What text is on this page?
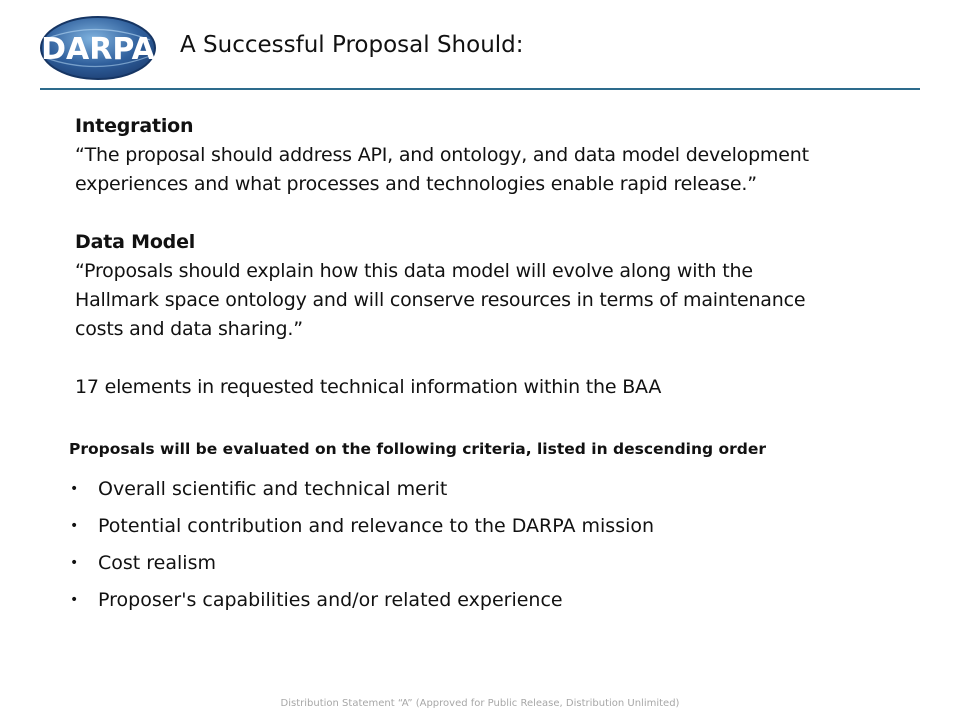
DARPA A Successful Proposal Should:
Integration
“The proposal should address API, and ontology, and data model development
experiences and what processes and technologies enable rapid release.”
Data Model
“Proposals should explain how this data model will evolve along with the
Hallmark space ontology and will conserve resources in terms of maintenance
costs and data sharing.”
17 elements in requested technical information within the BAA
Proposals will be evaluated on the following criteria, listed in descending order
•	Overall scientific and technical merit
•	Potential contribution and relevance to the DARPA mission
•	Cost realism
•	Proposer's capabilities and/or related experience
Distribution Statement “A” (Approved for Public Release, Distribution Unlimited)
